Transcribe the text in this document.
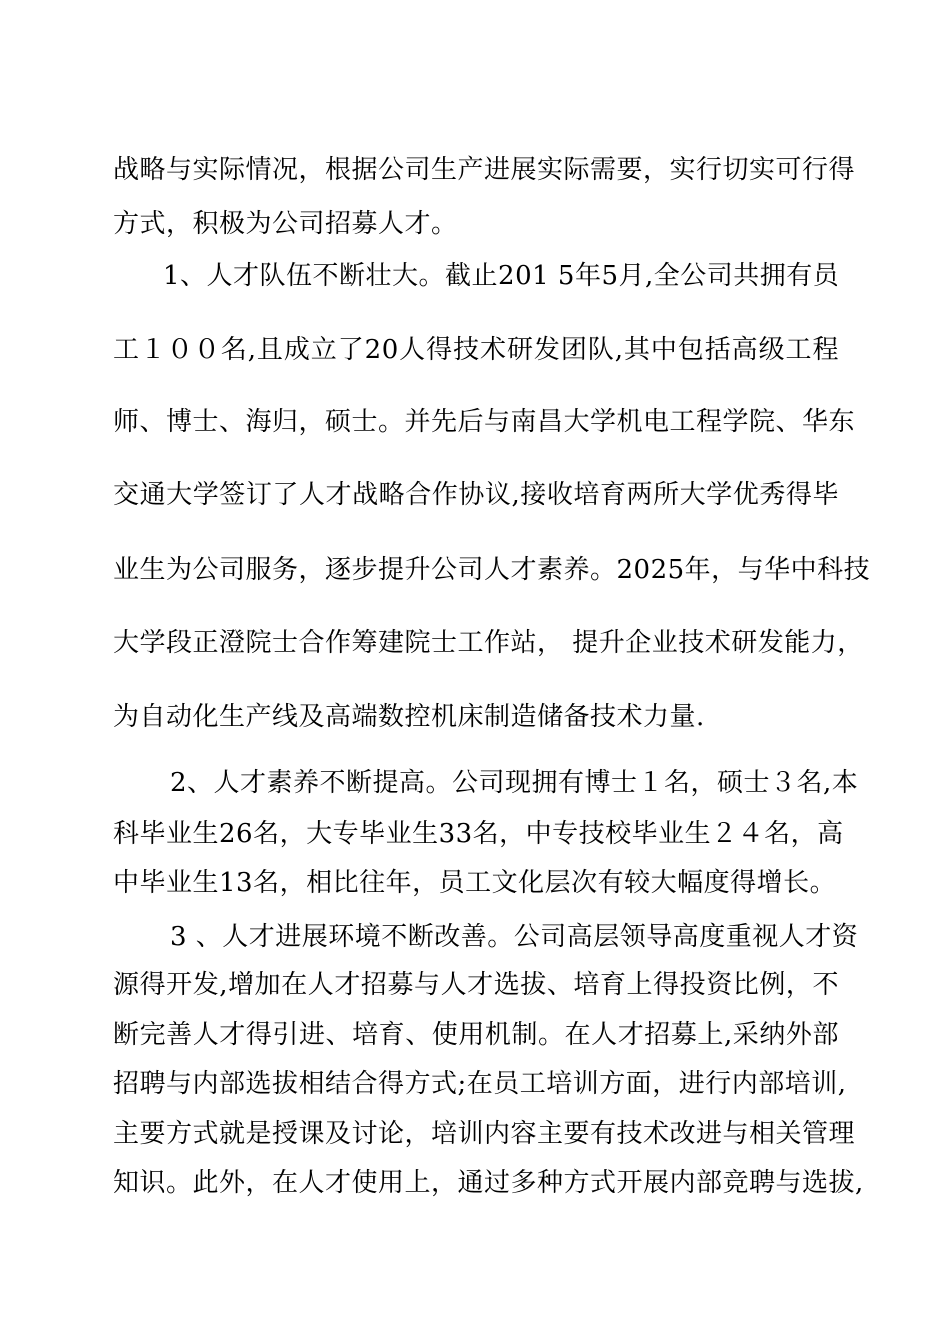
战略与实际情况，根据公司生产进展实际需要，实行切实可行得
方式，积极为公司招募人才。
1、人才队伍不断壮大。截止201 5年5月,全公司共拥有员
工１００名,且成立了20人得技术研发团队,其中包括高级工程
师、博士、海归，硕士。并先后与南昌大学机电工程学院、华东
交通大学签订了人才战略合作协议,接收培育两所大学优秀得毕
业生为公司服务，逐步提升公司人才素养。2025年，与华中科技
大学段正澄院士合作筹建院士工作站， 提升企业技术研发能力，
为自动化生产线及高端数控机床制造储备技术力量.
2、人才素养不断提高。公司现拥有博士１名，硕士３名,本
科毕业生26名，大专毕业生33名，中专技校毕业生２４名，高
中毕业生13名，相比往年，员工文化层次有较大幅度得增长。
3 、人才进展环境不断改善。公司高层领导高度重视人才资
源得开发,增加在人才招募与人才选拔、培育上得投资比例，不
断完善人才得引进、培育、使用机制。在人才招募上,采纳外部
招聘与内部选拔相结合得方式;在员工培训方面，进行内部培训,
主要方式就是授课及讨论，培训内容主要有技术改进与相关管理
知识。此外，在人才使用上，通过多种方式开展内部竞聘与选拔,
